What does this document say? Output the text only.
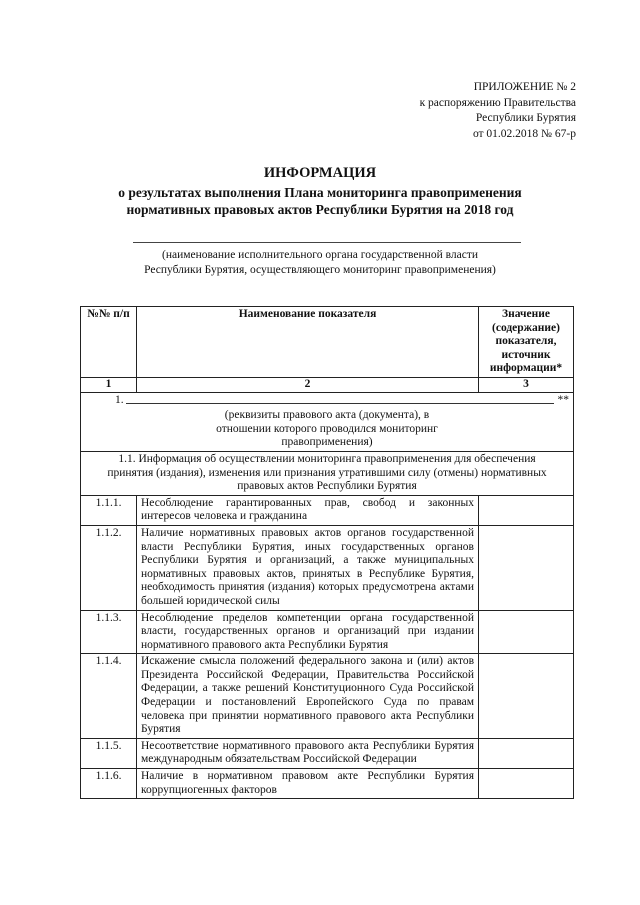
ПРИЛОЖЕНИЕ № 2
к распоряжению Правительства
Республики Бурятия
от 01.02.2018 № 67-р
ИНФОРМАЦИЯ
о результатах выполнения Плана мониторинга правоприменения
нормативных правовых актов Республики Бурятия на 2018 год
(наименование исполнительного органа государственной власти
Республики Бурятия, осуществляющего мониторинг правоприменения)
№№ п/п	Наименование показателя	Значение (содержание) показателя, источник информации*
1	2	3

1. **
(реквизиты правового акта (документа), в отношении которого проводился мониторинг правоприменения)		

1.1. Информация об осуществлении мониторинга правоприменения для обеспечения принятия (издания), изменения или признания утратившими силу (отмены) нормативных правовых актов Республики Бурятия		
1.1.1.	Несоблюдение гарантированных прав, свобод и законных интересов человека и гражданина	
1.1.2.	Наличие нормативных правовых актов органов государственной власти Республики Бурятия, иных государственных органов Республики Бурятия и организаций, а также муниципальных нормативных правовых актов, принятых в Республике Бурятия, необходимость принятия (издания) которых предусмотрена актами большей юридической силы	
1.1.3.	Несоблюдение пределов компетенции органа государственной власти, государственных органов и организаций при издании нормативного правового акта Республики Бурятия	
1.1.4.	Искажение смысла положений федерального закона и (или) актов Президента Российской Федерации, Правительства Российской Федерации, а также решений Конституционного Суда Российской Федерации и постановлений Европейского Суда по правам человека при принятии нормативного правового акта Республики Бурятия	
1.1.5.	Несоответствие нормативного правового акта Республики Бурятия международным обязательствам Российской Федерации	
1.1.6.	Наличие в нормативном правовом акте Республики Бурятия коррупциогенных факторов	
